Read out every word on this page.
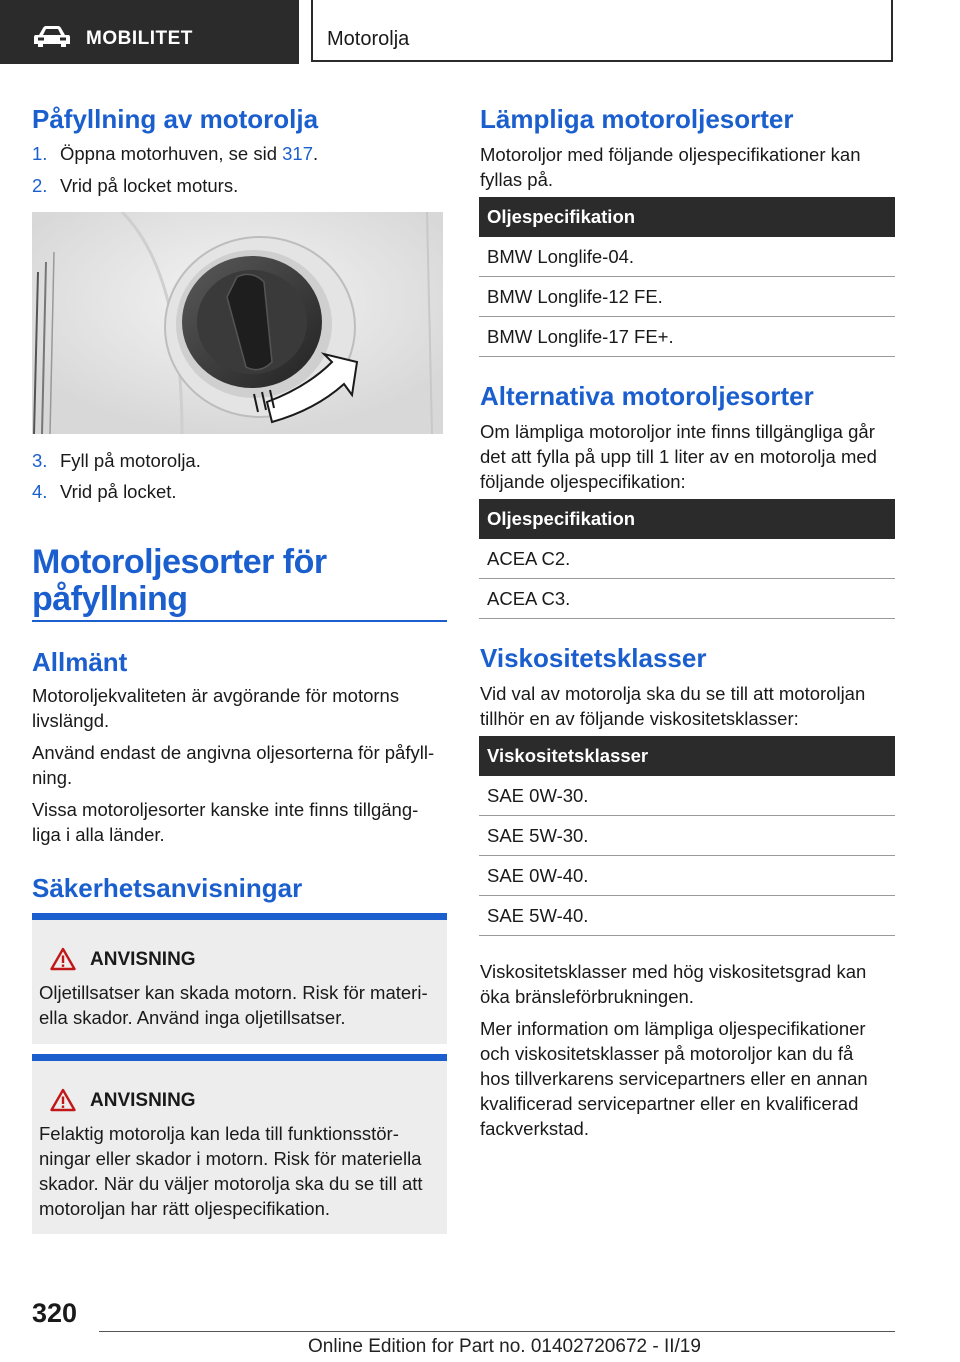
MOBILITET	Motorolja
Påfyllning av motorolja
1. Öppna motorhuven, se sid 317.
2. Vrid på locket moturs.
3. Fyll på motorolja.
4. Vrid på locket.
Motoroljesorter för
påfyllning
Allmänt
Motoroljekvaliteten är avgörande för motorns
livslängd.
Använd endast de angivna oljesorterna för påfyll‐
ning.
Vissa motoroljesorter kanske inte finns tillgäng‐
liga i alla länder.
Säkerhetsanvisningar
ANVISNING
Oljetillsatser kan skada motorn. Risk för materi‐
ella skador. Använd inga oljetillsatser.
ANVISNING
Felaktig motorolja kan leda till funktionsstör‐
ningar eller skador i motorn. Risk för materiella
skador. När du väljer motorolja ska du se till att
motoroljan har rätt oljespecifikation.
Lämpliga motoroljesorter
Motoroljor med följande oljespecifikationer kan
fyllas på.
Oljespecifikation
BMW Longlife-04.
BMW Longlife-12 FE.
BMW Longlife-17 FE+.
Alternativa motoroljesorter
Om lämpliga motoroljor inte finns tillgängliga går
det att fylla på upp till 1 liter av en motorolja med
följande oljespecifikation:
Oljespecifikation
ACEA C2.
ACEA C3.
Viskositetsklasser
Vid val av motorolja ska du se till att motoroljan
tillhör en av följande viskositetsklasser:
Viskositetsklasser
SAE 0W-30.
SAE 5W-30.
SAE 0W-40.
SAE 5W-40.
Viskositetsklasser med hög viskositetsgrad kan
öka bränsleförbrukningen.
Mer information om lämpliga oljespecifikationer
och viskositetsklasser på motoroljor kan du få
hos tillverkarens servicepartners eller en annan
kvalificerad servicepartner eller en kvalificerad
fackverkstad.
320
Online Edition for Part no. 01402720672 - II/19
